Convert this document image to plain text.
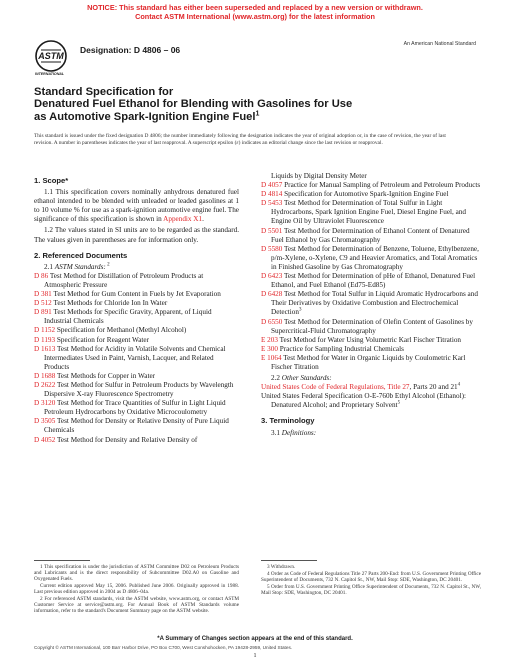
NOTICE: This standard has either been superseded and replaced by a new version or withdrawn.
Contact ASTM International (www.astm.org) for the latest information
ASTM
INTERNATIONAL
Designation: D 4806 – 06
An American National Standard
Standard Specification for
Denatured Fuel Ethanol for Blending with Gasolines for Use
as Automotive Spark-Ignition Engine Fuel$^1$
This standard is issued under the fixed designation D 4806; the number immediately following the designation indicates the year of original adoption or, in the case of revision, the year of last revision. A number in parentheses indicates the year of last reapproval. A superscript epsilon (ε) indicates an editorial change since the last revision or reapproval.
1. Scope*
1.1 This specification covers nominally anhydrous denatured fuel ethanol intended to be blended with unleaded or leaded gasolines at 1 to 10 volume % for use as a spark-ignition automotive engine fuel. The significance of this specification is shown in Appendix X1.
1.2 The values stated in SI units are to be regarded as the standard. The values given in parentheses are for information only.
2. Referenced Documents
2.1 ASTM Standards: $^2$
D 86 Test Method for Distillation of Petroleum Products at Atmospheric Pressure
D 381 Test Method for Gum Content in Fuels by Jet Evaporation
D 512 Test Methods for Chloride Ion In Water
D 891 Test Methods for Specific Gravity, Apparent, of Liquid Industrial Chemicals
D 1152 Specification for Methanol (Methyl Alcohol)
D 1193 Specification for Reagent Water
D 1613 Test Method for Acidity in Volatile Solvents and Chemical Intermediates Used in Paint, Varnish, Lacquer, and Related Products
D 1688 Test Methods for Copper in Water
D 2622 Test Method for Sulfur in Petroleum Products by Wavelength Dispersive X-ray Fluorescence Spectrometry
D 3120 Test Method for Trace Quantities of Sulfur in Light Liquid Petroleum Hydrocarbons by Oxidative Microcoulometry
D 3505 Test Method for Density or Relative Density of Pure Liquid Chemicals
D 4052 Test Method for Density and Relative Density of
Liquids by Digital Density Meter
D 4057 Practice for Manual Sampling of Petroleum and Petroleum Products
D 4814 Specification for Automotive Spark-Ignition Engine Fuel
D 5453 Test Method for Determination of Total Sulfur in Light Hydrocarbons, Spark Ignition Engine Fuel, Diesel Engine Fuel, and Engine Oil by Ultraviolet Fluorescence
D 5501 Test Method for Determination of Ethanol Content of Denatured Fuel Ethanol by Gas Chromatography
D 5580 Test Method for Determination of Benzene, Toluene, Ethylbenzene, p/m-Xylene, o-Xylene, C9 and Heavier Aromatics, and Total Aromatics in Finished Gasoline by Gas Chromatography
D 6423 Test Method for Determination of pHe of Ethanol, Denatured Fuel Ethanol, and Fuel Ethanol (Ed75-Ed85)
D 6428 Test Method for Total Sulfur in Liquid Aromatic Hydrocarbons and Their Derivatives by Oxidative Combustion and Electrochemical Detection$^3$
D 6550 Test Method for Determination of Olefin Content of Gasolines by Supercritical-Fluid Chromatography
E 203 Test Method for Water Using Volumetric Karl Fischer Titration
E 300 Practice for Sampling Industrial Chemicals
E 1064 Test Method for Water in Organic Liquids by Coulometric Karl Fischer Titration
2.2 Other Standards:
United States Code of Federal Regulations, Title 27, Parts 20 and $21^4$
United States Federal Specification O-E-760b Ethyl Alcohol (Ethanol): Denatured Alcohol; and Proprietary Solvent$^5$
3. Terminology
3.1 Definitions:
1 This specification is under the jurisdiction of ASTM Committee D02 on Petroleum Products and Lubricants and is the direct responsibility of Subcommittee D02.A0 on Gasoline and Oxygenated Fuels.
Current edition approved May 15, 2006. Published June 2006. Originally approved in 1988. Last previous edition approved in 2004 as D 4806–04a.
2 For referenced ASTM standards, visit the ASTM website, www.astm.org, or contact ASTM Customer Service at service@astm.org. For Annual Book of ASTM Standards volume information, refer to the standard's Document Summary page on the ASTM website.
3 Withdrawn.
4 Order as Code of Federal Regulations Title 27 Parts 200-End: from U.S. Government Printing Office Superintendent of Documents, 732 N. Capitol St., NW, Mail Stop: SDE, Washington, DC 20401.
5 Order from U.S. Government Printing Office Superintendent of Documents, 732 N. Capitol St., NW, Mail Stop: SDE, Washington, DC 20401.
*A Summary of Changes section appears at the end of this standard.
Copyright © ASTM International, 100 Barr Harbor Drive, PO Box C700, West Conshohocken, PA 19428-2959, United States.
1
